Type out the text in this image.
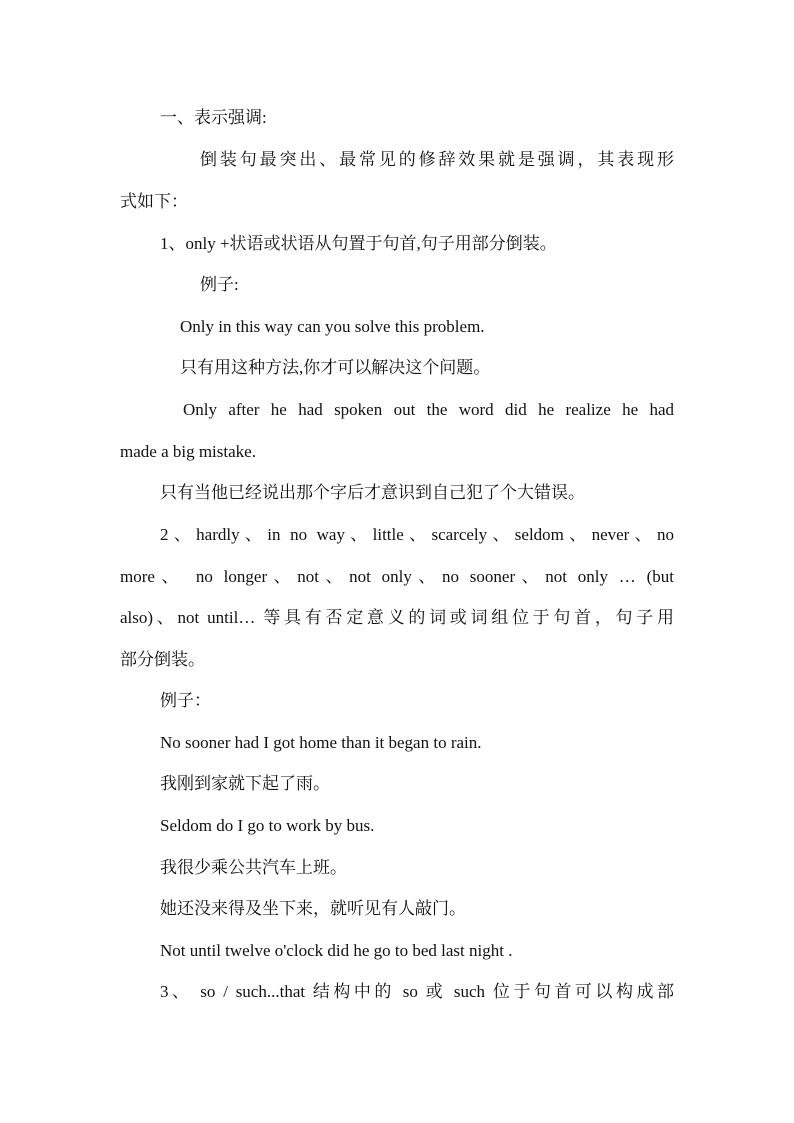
一、表示强调:
倒装句最突出、最常见的修辞效果就是强调，其表现形
式如下：
1、only +状语或状语从句置于句首,句子用部分倒装。
例子:
Only in this way can you solve this problem.
只有用这种方法,你才可以解决这个问题。
Only after he had spoken out the word did he realize he had
made a big mistake.
只有当他已经说出那个字后才意识到自己犯了个大错误。
2、hardly、in no way、little、scarcely、seldom、never、no
more、 no longer、not、not only、no sooner、not only … (but
also)、not until… 等具有否定意义的词或词组位于句首，句子用
部分倒装。
例子：
No sooner had I got home than it began to rain.
我刚到家就下起了雨。
Seldom do I go to work by bus.
我很少乘公共汽车上班。
她还没来得及坐下来，就听见有人敲门。
Not until twelve o'clock did he go to bed last night .
3、 so / such...that 结构中的 so 或 such 位于句首可以构成部
